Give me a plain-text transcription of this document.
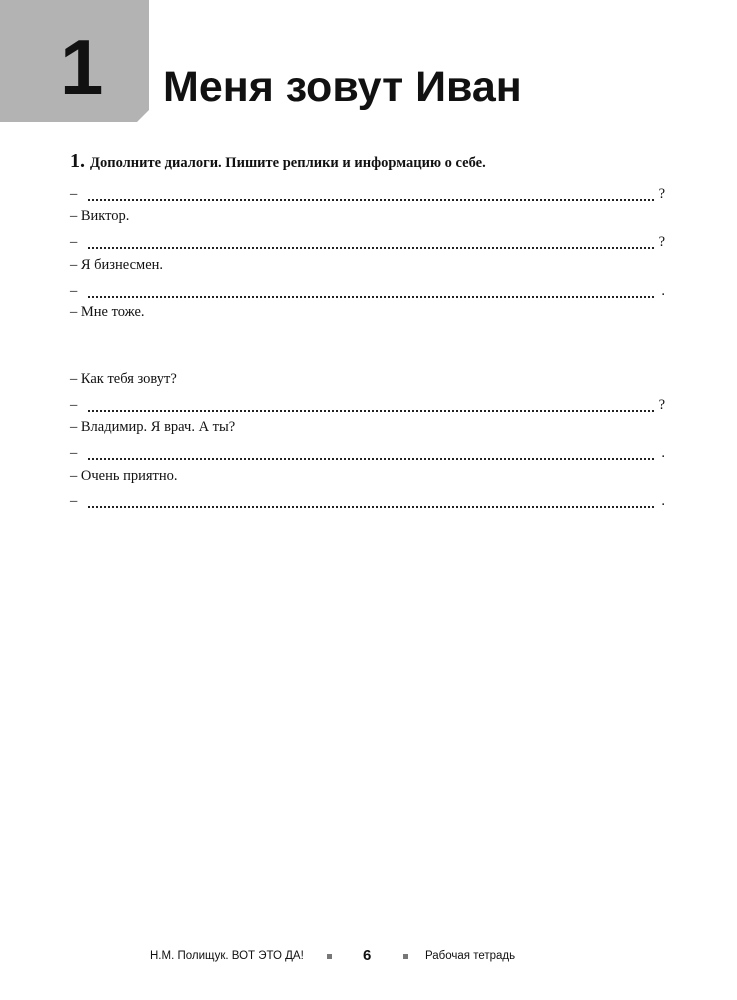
1 Меня зовут Иван
1. Дополните диалоги. Пишите реплики и информацию о себе.
–	?
– Виктор.
–	?
– Я бизнесмен.
–	.
– Мне тоже.
– Как тебя зовут?
–	?
– Владимир. Я врач. А ты?
–	.
– Очень приятно.
–	.
Н.М. Полищук. ВОТ ЭТО ДА!	6	Рабочая тетрадь
